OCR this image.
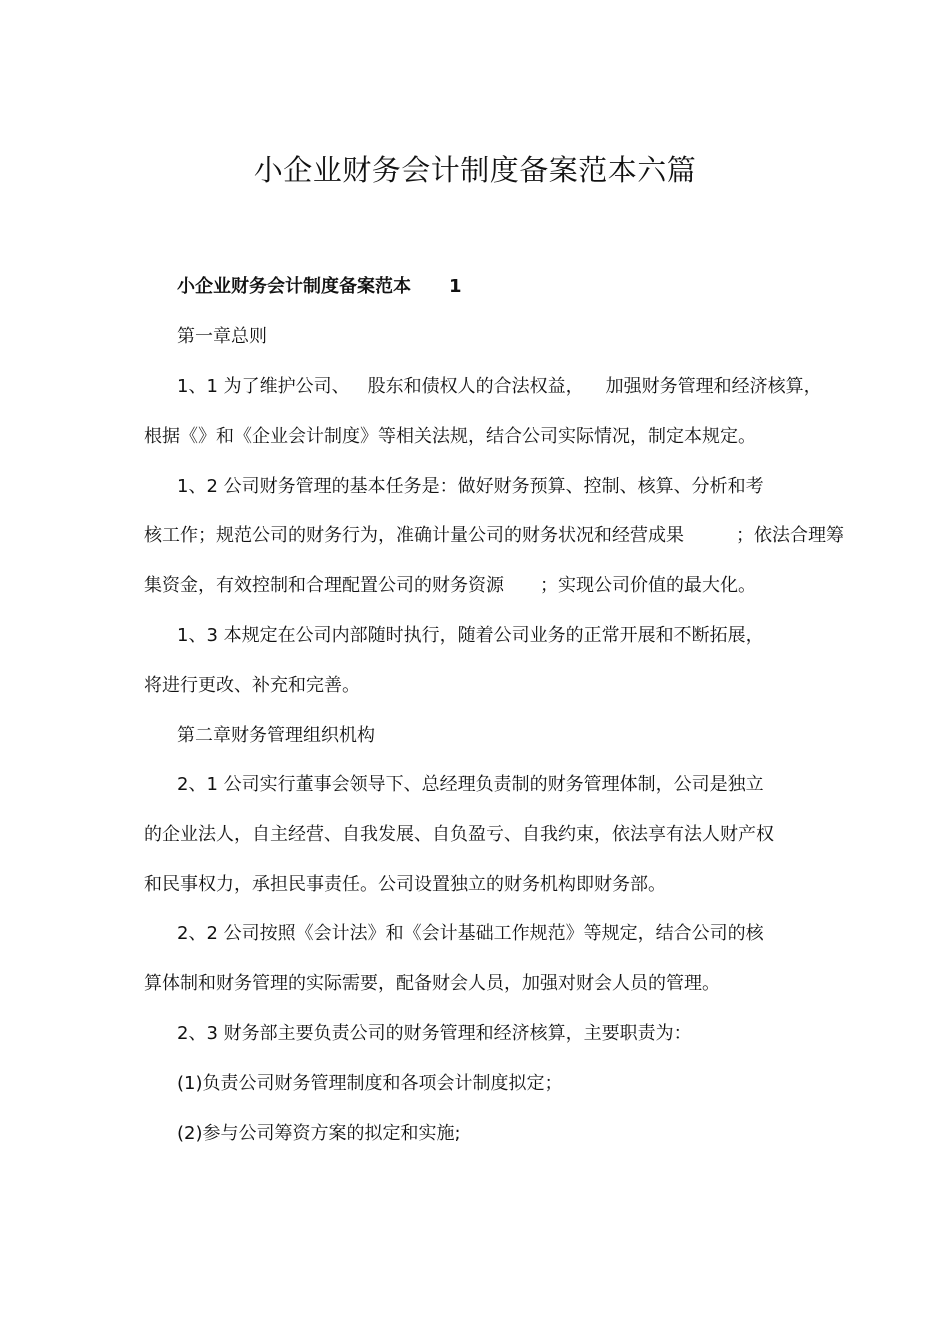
小企业财务会计制度备案范本六篇
小企业财务会计制度备案范本 1
第一章总则
1、1 为了维护公司、 股东和债权人的合法权益， 加强财务管理和经济核算，
根据《》和《企业会计制度》等相关法规，结合公司实际情况，制定本规定。
1、2 公司财务管理的基本任务是：做好财务预算、控制、核算、分析和考
核工作；规范公司的财务行为，准确计量公司的财务状况和经营成果	；依法合理筹
集资金，有效控制和合理配置公司的财务资源 ；实现公司价值的最大化。
1、3 本规定在公司内部随时执行，随着公司业务的正常开展和不断拓展，
将进行更改、补充和完善。
第二章财务管理组织机构
2、1 公司实行董事会领导下、总经理负责制的财务管理体制，公司是独立
的企业法人，自主经营、自我发展、自负盈亏、自我约束，依法享有法人财产权
和民事权力，承担民事责任。公司设置独立的财务机构即财务部。
2、2 公司按照《会计法》和《会计基础工作规范》等规定，结合公司的核
算体制和财务管理的实际需要，配备财会人员，加强对财会人员的管理。
2、3 财务部主要负责公司的财务管理和经济核算，主要职责为：
(1)负责公司财务管理制度和各项会计制度拟定；
(2)参与公司筹资方案的拟定和实施;
